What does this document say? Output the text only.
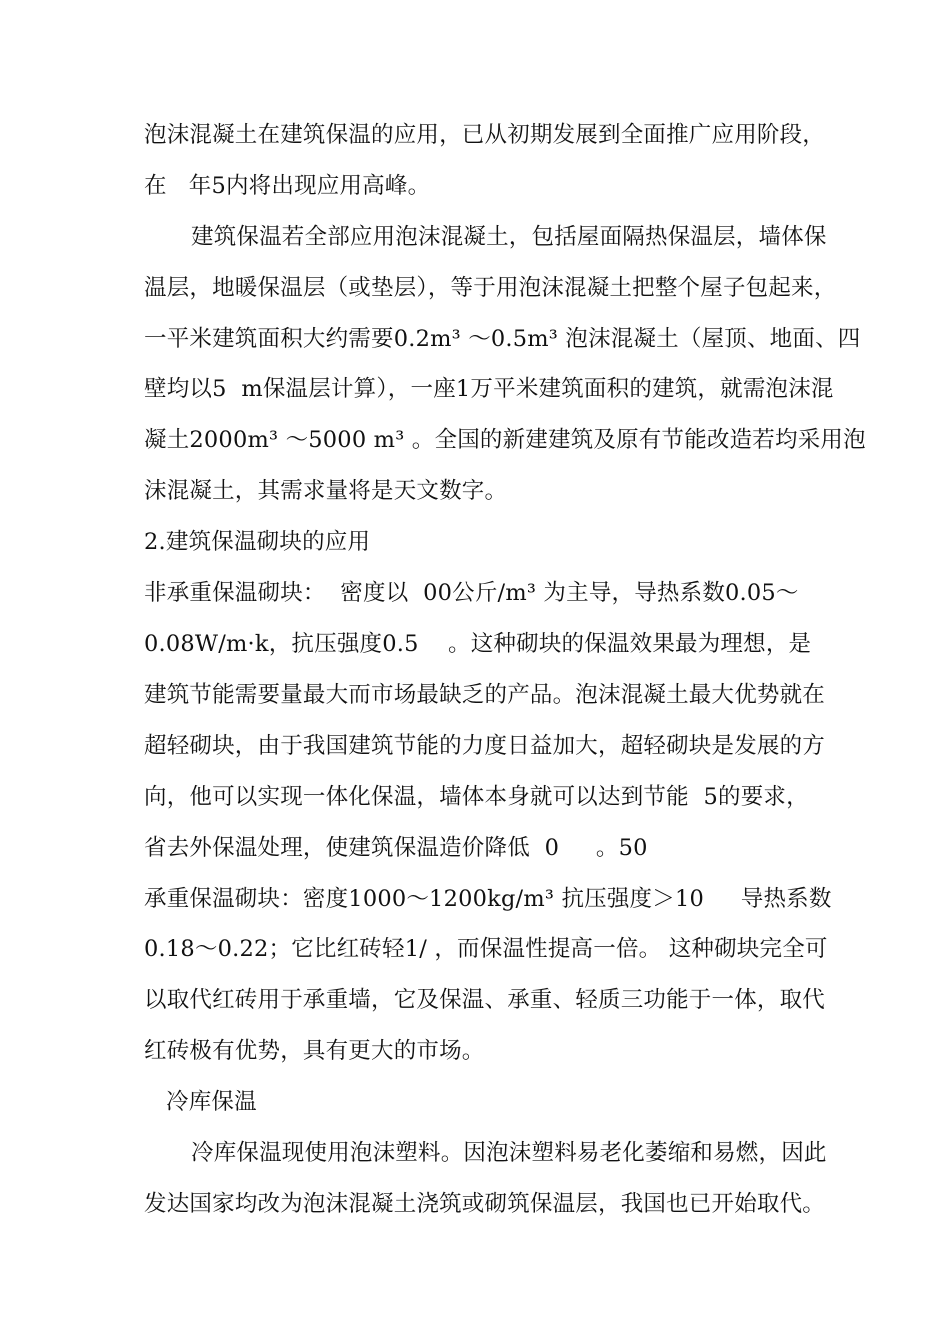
泡沫混凝土在建筑保温的应用，已从初期发展到全面推广应用阶段，
在   年5内将出现应用高峰。
建筑保温若全部应用泡沫混凝土，包括屋面隔热保温层，墙体保
温层，地暖保温层（或垫层），等于用泡沫混凝土把整个屋子包起来，
一平米建筑面积大约需要0.2m³ ～0.5m³ 泡沫混凝土（屋顶、地面、四
壁均以5  m保温层计算），一座1万平米建筑面积的建筑，就需泡沫混
凝土2000m³ ～5000 m³ 。全国的新建建筑及原有节能改造若均采用泡
沫混凝土，其需求量将是天文数字。
2.建筑保温砌块的应用
非承重保温砌块：  密度以  00公斤/m³ 为主导，导热系数0.05～
0.08W/m·k，抗压强度0.5    。这种砌块的保温效果最为理想，是
建筑节能需要量最大而市场最缺乏的产品。泡沫混凝土最大优势就在
超轻砌块，由于我国建筑节能的力度日益加大，超轻砌块是发展的方
向，他可以实现一体化保温，墙体本身就可以达到节能  5的要求，
省去外保温处理，使建筑保温造价降低  0     。50
承重保温砌块：密度1000～1200kg/m³ 抗压强度＞10     导热系数
0.18～0.22；它比红砖轻1/ ，而保温性提高一倍。 这种砌块完全可
以取代红砖用于承重墙，它及保温、承重、轻质三功能于一体，取代
红砖极有优势，具有更大的市场。
冷库保温
冷库保温现使用泡沫塑料。因泡沫塑料易老化萎缩和易燃，因此
发达国家均改为泡沫混凝土浇筑或砌筑保温层，我国也已开始取代。
